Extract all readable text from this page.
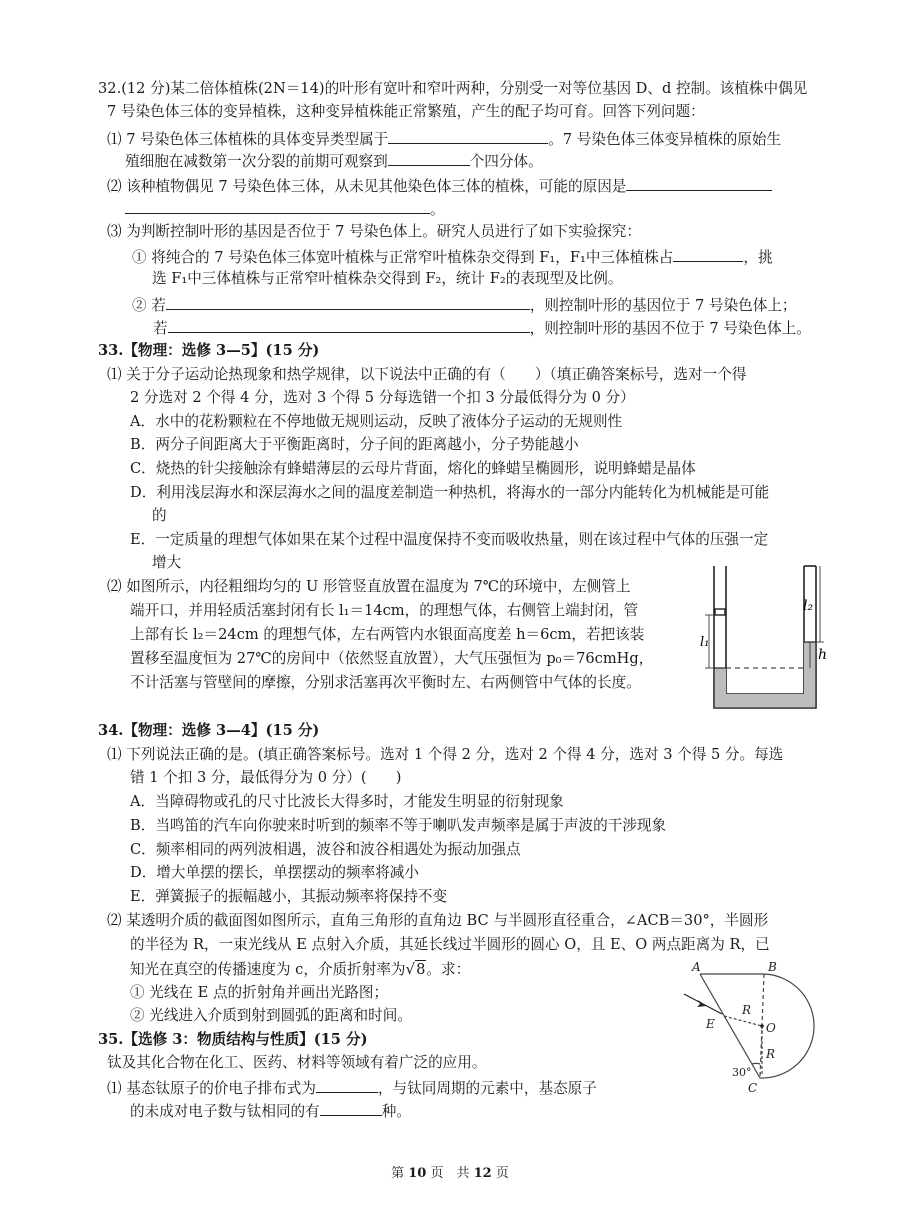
32.(12 分)某二倍体植株(2N＝14)的叶形有宽叶和窄叶两种，分别受一对等位基因 D、d 控制。该植株中偶见
7 号染色体三体的变异植株，这种变异植株能正常繁殖，产生的配子均可育。回答下列问题：
⑴ 7 号染色体三体植株的具体变异类型属于	。7 号染色体三体变异植株的原始生
殖细胞在减数第一次分裂的前期可观察到	个四分体。
⑵ 该种植物偶见 7 号染色体三体，从未见其他染色体三体的植株，可能的原因是
。
⑶ 为判断控制叶形的基因是否位于 7 号染色体上。研究人员进行了如下实验探究：
① 将纯合的 7 号染色体三体宽叶植株与正常窄叶植株杂交得到 F₁，F₁中三体植株占	，挑
选 F₁中三体植株与正常窄叶植株杂交得到 F₂，统计 F₂的表现型及比例。
② 若	，则控制叶形的基因位于 7 号染色体上；
若	，则控制叶形的基因不位于 7 号染色体上。
33.【物理：选修 3—5】(15 分)
⑴ 关于分子运动论热现象和热学规律，以下说法中正确的有（　　）（填正确答案标号，选对一个得
2 分选对 2 个得 4 分，选对 3 个得 5 分每选错一个扣 3 分最低得分为 0 分）
A．水中的花粉颗粒在不停地做无规则运动，反映了液体分子运动的无规则性
B．两分子间距离大于平衡距离时，分子间的距离越小，分子势能越小
C．烧热的针尖接触涂有蜂蜡薄层的云母片背面，熔化的蜂蜡呈椭圆形，说明蜂蜡是晶体
D．利用浅层海水和深层海水之间的温度差制造一种热机，将海水的一部分内能转化为机械能是可能
的
E．一定质量的理想气体如果在某个过程中温度保持不变而吸收热量，则在该过程中气体的压强一定
增大
⑵ 如图所示，内径粗细均匀的 U 形管竖直放置在温度为 7℃的环境中，左侧管上
端开口，并用轻质活塞封闭有长 l₁＝14cm，的理想气体，右侧管上端封闭，管
上部有长 l₂＝24cm 的理想气体，左右两管内水银面高度差 h＝6cm，若把该装
置移至温度恒为 27℃的房间中（依然竖直放置），大气压强恒为 p₀＝76cmHg，
不计活塞与管壁间的摩擦，分别求活塞再次平衡时左、右两侧管中气体的长度。
l₂
l₁
h
34.【物理：选修 3—4】(15 分)
⑴ 下列说法正确的是。(填正确答案标号。选对 1 个得 2 分，选对 2 个得 4 分，选对 3 个得 5 分。每选
错 1 个扣 3 分，最低得分为 0 分）(　　)
A．当障碍物或孔的尺寸比波长大得多时，才能发生明显的衍射现象
B．当鸣笛的汽车向你驶来时听到的频率不等于喇叭发声频率是属于声波的干涉现象
C．频率相同的两列波相遇，波谷和波谷相遇处为振动加强点
D．增大单摆的摆长，单摆摆动的频率将减小
E．弹簧振子的振幅越小，其振动频率将保持不变
⑵ 某透明介质的截面图如图所示，直角三角形的直角边 BC 与半圆形直径重合，∠ACB＝30°，半圆形
的半径为 R，一束光线从 E 点射入介质，其延长线过半圆形的圆心 O，且 E、O 两点距离为 R，已
知光在真空的传播速度为 c，介质折射率为√8。求：
① 光线在 E 点的折射角并画出光路图；
② 光线进入介质到射到圆弧的距离和时间。
A	B
E	O
R
R
C
30°
35.【选修 3：物质结构与性质】(15 分)
钛及其化合物在化工、医药、材料等领域有着广泛的应用。
⑴ 基态钛原子的价电子排布式为	，与钛同周期的元素中，基态原子
的未成对电子数与钛相同的有	种。
第 10 页　共 12 页
